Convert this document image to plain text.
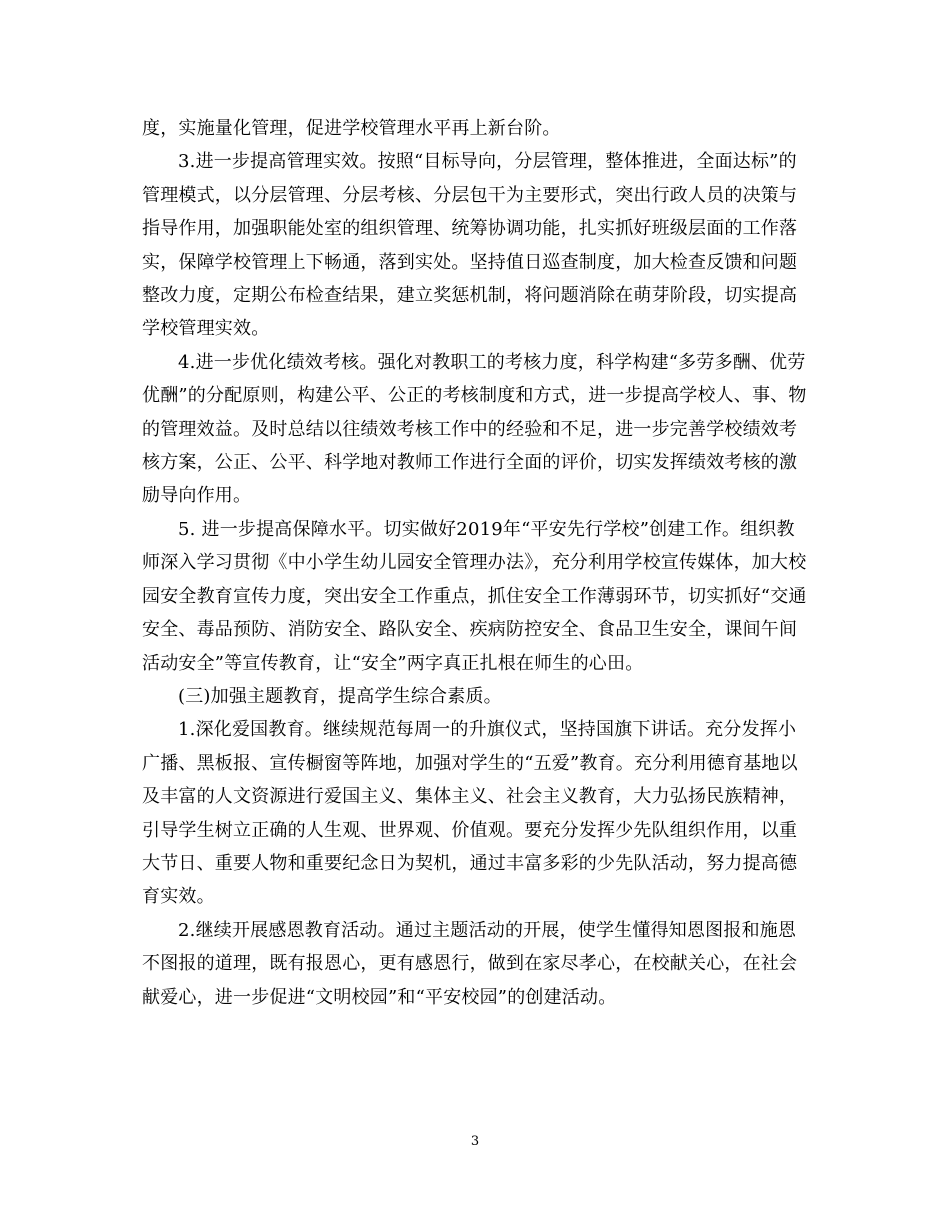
度，实施量化管理，促进学校管理水平再上新台阶。

3.进一步提高管理实效。按照“目标导向，分层管理，整体推进，全面达标”的管理模式，以分层管理、分层考核、分层包干为主要形式，突出行政人员的决策与指导作用，加强职能处室的组织管理、统筹协调功能，扎实抓好班级层面的工作落实，保障学校管理上下畅通，落到实处。坚持值日巡查制度，加大检查反馈和问题整改力度，定期公布检查结果，建立奖惩机制，将问题消除在萌芽阶段，切实提高学校管理实效。

4.进一步优化绩效考核。强化对教职工的考核力度，科学构建“多劳多酬、优劳优酬”的分配原则，构建公平、公正的考核制度和方式，进一步提高学校人、事、物的管理效益。及时总结以往绩效考核工作中的经验和不足，进一步完善学校绩效考核方案，公正、公平、科学地对教师工作进行全面的评价，切实发挥绩效考核的激励导向作用。

5. 进一步提高保障水平。切实做好2019年“平安先行学校”创建工作。组织教师深入学习贯彻《中小学生幼儿园安全管理办法》，充分利用学校宣传媒体，加大校园安全教育宣传力度，突出安全工作重点，抓住安全工作薄弱环节，切实抓好“交通安全、毒品预防、消防安全、路队安全、疾病防控安全、食品卫生安全，课间午间活动安全”等宣传教育，让“安全”两字真正扎根在师生的心田。

(三)加强主题教育，提高学生综合素质。

1.深化爱国教育。继续规范每周一的升旗仪式，坚持国旗下讲话。充分发挥小广播、黑板报、宣传橱窗等阵地，加强对学生的“五爱”教育。充分利用德育基地以及丰富的人文资源进行爱国主义、集体主义、社会主义教育，大力弘扬民族精神，引导学生树立正确的人生观、世界观、价值观。要充分发挥少先队组织作用，以重大节日、重要人物和重要纪念日为契机，通过丰富多彩的少先队活动，努力提高德育实效。

2.继续开展感恩教育活动。通过主题活动的开展，使学生懂得知恩图报和施恩不图报的道理，既有报恩心，更有感恩行，做到在家尽孝心，在校献关心，在社会献爱心，进一步促进“文明校园”和“平安校园”的创建活动。

3
